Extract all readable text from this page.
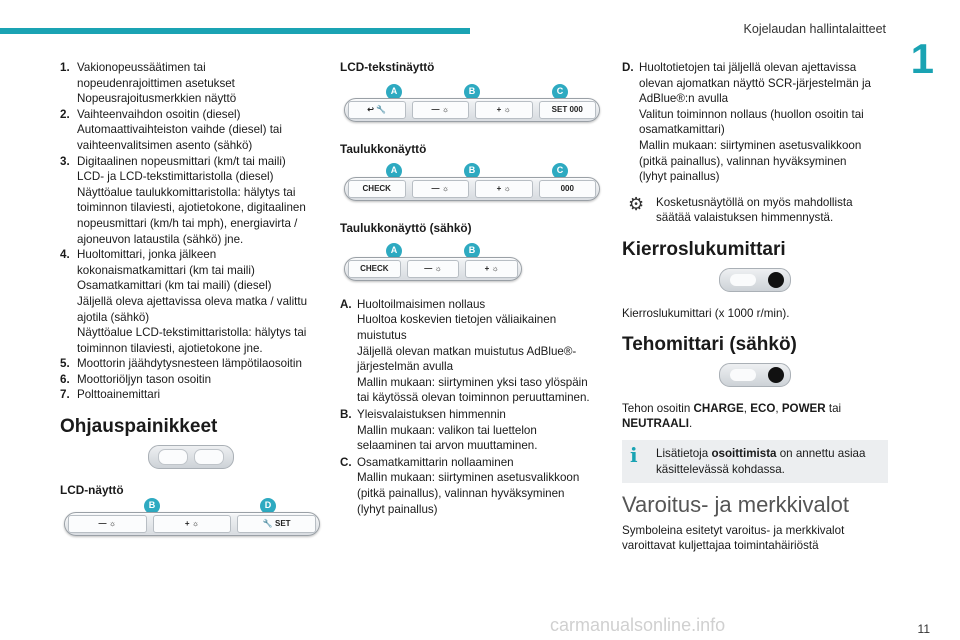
Kojelaudan hallintalaitteet
1
1. Vakionopeussäätimen tai
nopeudenrajoittimen asetukset
Nopeusrajoitusmerkkien näyttö
2. Vaihteenvaihdon osoitin (diesel)
Automaattivaihteiston vaihde (diesel) tai
vaihteenvalitsimen asento (sähkö)
3. Digitaalinen nopeusmittari (km/t tai maili)
LCD- ja LCD-tekstimittaristolla (diesel)
Näyttöalue taulukkomittaristolla: hälytys tai
toiminnon tilaviesti, ajotietokone, digitaalinen
nopeusmittari (km/h tai mph), energiavirta /
ajoneuvon lataustila (sähkö) jne.
4. Huoltomittari, jonka jälkeen
kokonaismatkamittari (km tai maili)
Osamatkamittari (km tai maili) (diesel)
Jäljellä oleva ajettavissa oleva matka / valittu
ajotila (sähkö)
Näyttöalue LCD-tekstimittaristolla: hälytys tai
toiminnon tilaviesti, ajotietokone jne.
5. Moottorin jäähdytysnesteen lämpötilaosoitin
6. Moottoriöljyn tason osoitin
7. Polttoainemittari
Ohjauspainikkeet
LCD-näyttö
B	D
— ☼	+ ☼	🔧 SET
LCD-tekstinäyttö
A	B	C
↩ 🔧	— ☼	+ ☼	SET 000
Taulukkonäyttö
A	B	C
CHECK	— ☼	+ ☼	000
Taulukkonäyttö (sähkö)
A	B
CHECK	— ☼	+ ☼
A. Huoltoilmaisimen nollaus
Huoltoa koskevien tietojen väliaikainen
muistutus
Jäljellä olevan matkan muistutus AdBlue®-
järjestelmän avulla
Mallin mukaan: siirtyminen yksi taso ylöspäin
tai käytössä olevan toiminnon peruuttaminen.
B. Yleisvalaistuksen himmennin
Mallin mukaan: valikon tai luettelon
selaaminen tai arvon muuttaminen.
C. Osamatkamittarin nollaaminen
Mallin mukaan: siirtyminen asetusvalikkoon
(pitkä painallus), valinnan hyväksyminen
(lyhyt painallus)
D. Huoltotietojen tai jäljellä olevan ajettavissa
olevan ajomatkan näyttö SCR-järjestelmän ja
AdBlue®:n avulla
Valitun toiminnon nollaus (huollon osoitin tai
osamatkamittari)
Mallin mukaan: siirtyminen asetusvalikkoon
(pitkä painallus), valinnan hyväksyminen
(lyhyt painallus)
⚙ Kosketusnäytöllä on myös mahdollista
säätää valaistuksen himmennystä.
Kierroslukumittari

Kierroslukumittari (x 1000 r/min).

Tehomittari (sähkö)

Tehon osoitin CHARGE, ECO, POWER tai
NEUTRAALI.

i Lisätietoja osoittimista on annettu asiaa käsittelevässä kohdassa.
Varoitus- ja merkkivalot
Symboleina esitetyt varoitus- ja merkkivalot
varoittavat kuljettajaa toimintahäiriöstä
carmanualsonline.info	11
